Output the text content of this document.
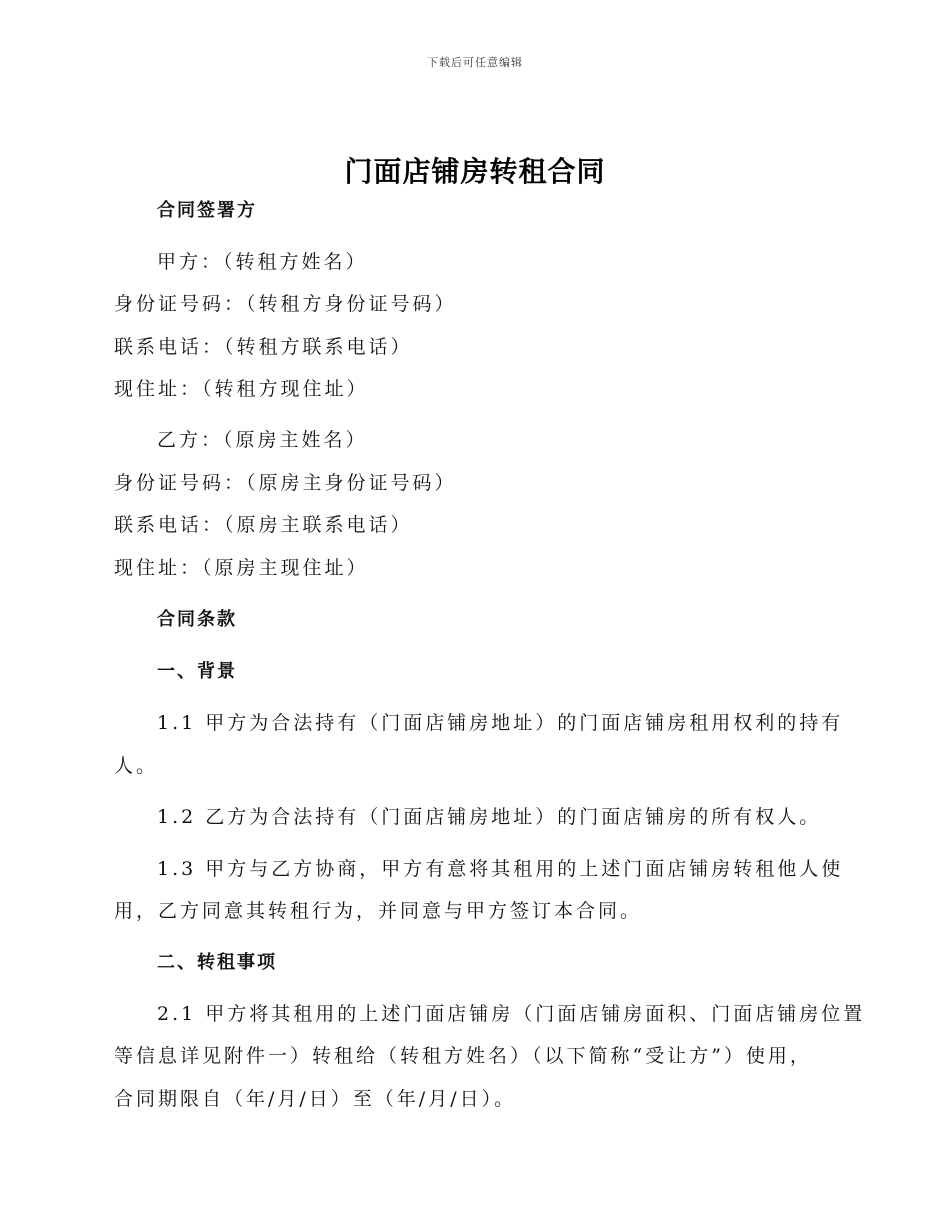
下载后可任意编辑
门面店铺房转租合同
合同签署方
甲方：（转租方姓名）
身份证号码：（转租方身份证号码）
联系电话：（转租方联系电话）
现住址：（转租方现住址）
乙方：（原房主姓名）
身份证号码：（原房主身份证号码）
联系电话：（原房主联系电话）
现住址：（原房主现住址）
合同条款
一、背景
1.1 甲方为合法持有（门面店铺房地址）的门面店铺房租用权利的持有
人。
1.2 乙方为合法持有（门面店铺房地址）的门面店铺房的所有权人。
1.3 甲方与乙方协商，甲方有意将其租用的上述门面店铺房转租他人使
用，乙方同意其转租行为，并同意与甲方签订本合同。
二、转租事项
2.1 甲方将其租用的上述门面店铺房（门面店铺房面积、门面店铺房位置
等信息详见附件一）转租给（转租方姓名）（以下简称“受让方”）使用，
合同期限自（年/月/日）至（年/月/日）。
